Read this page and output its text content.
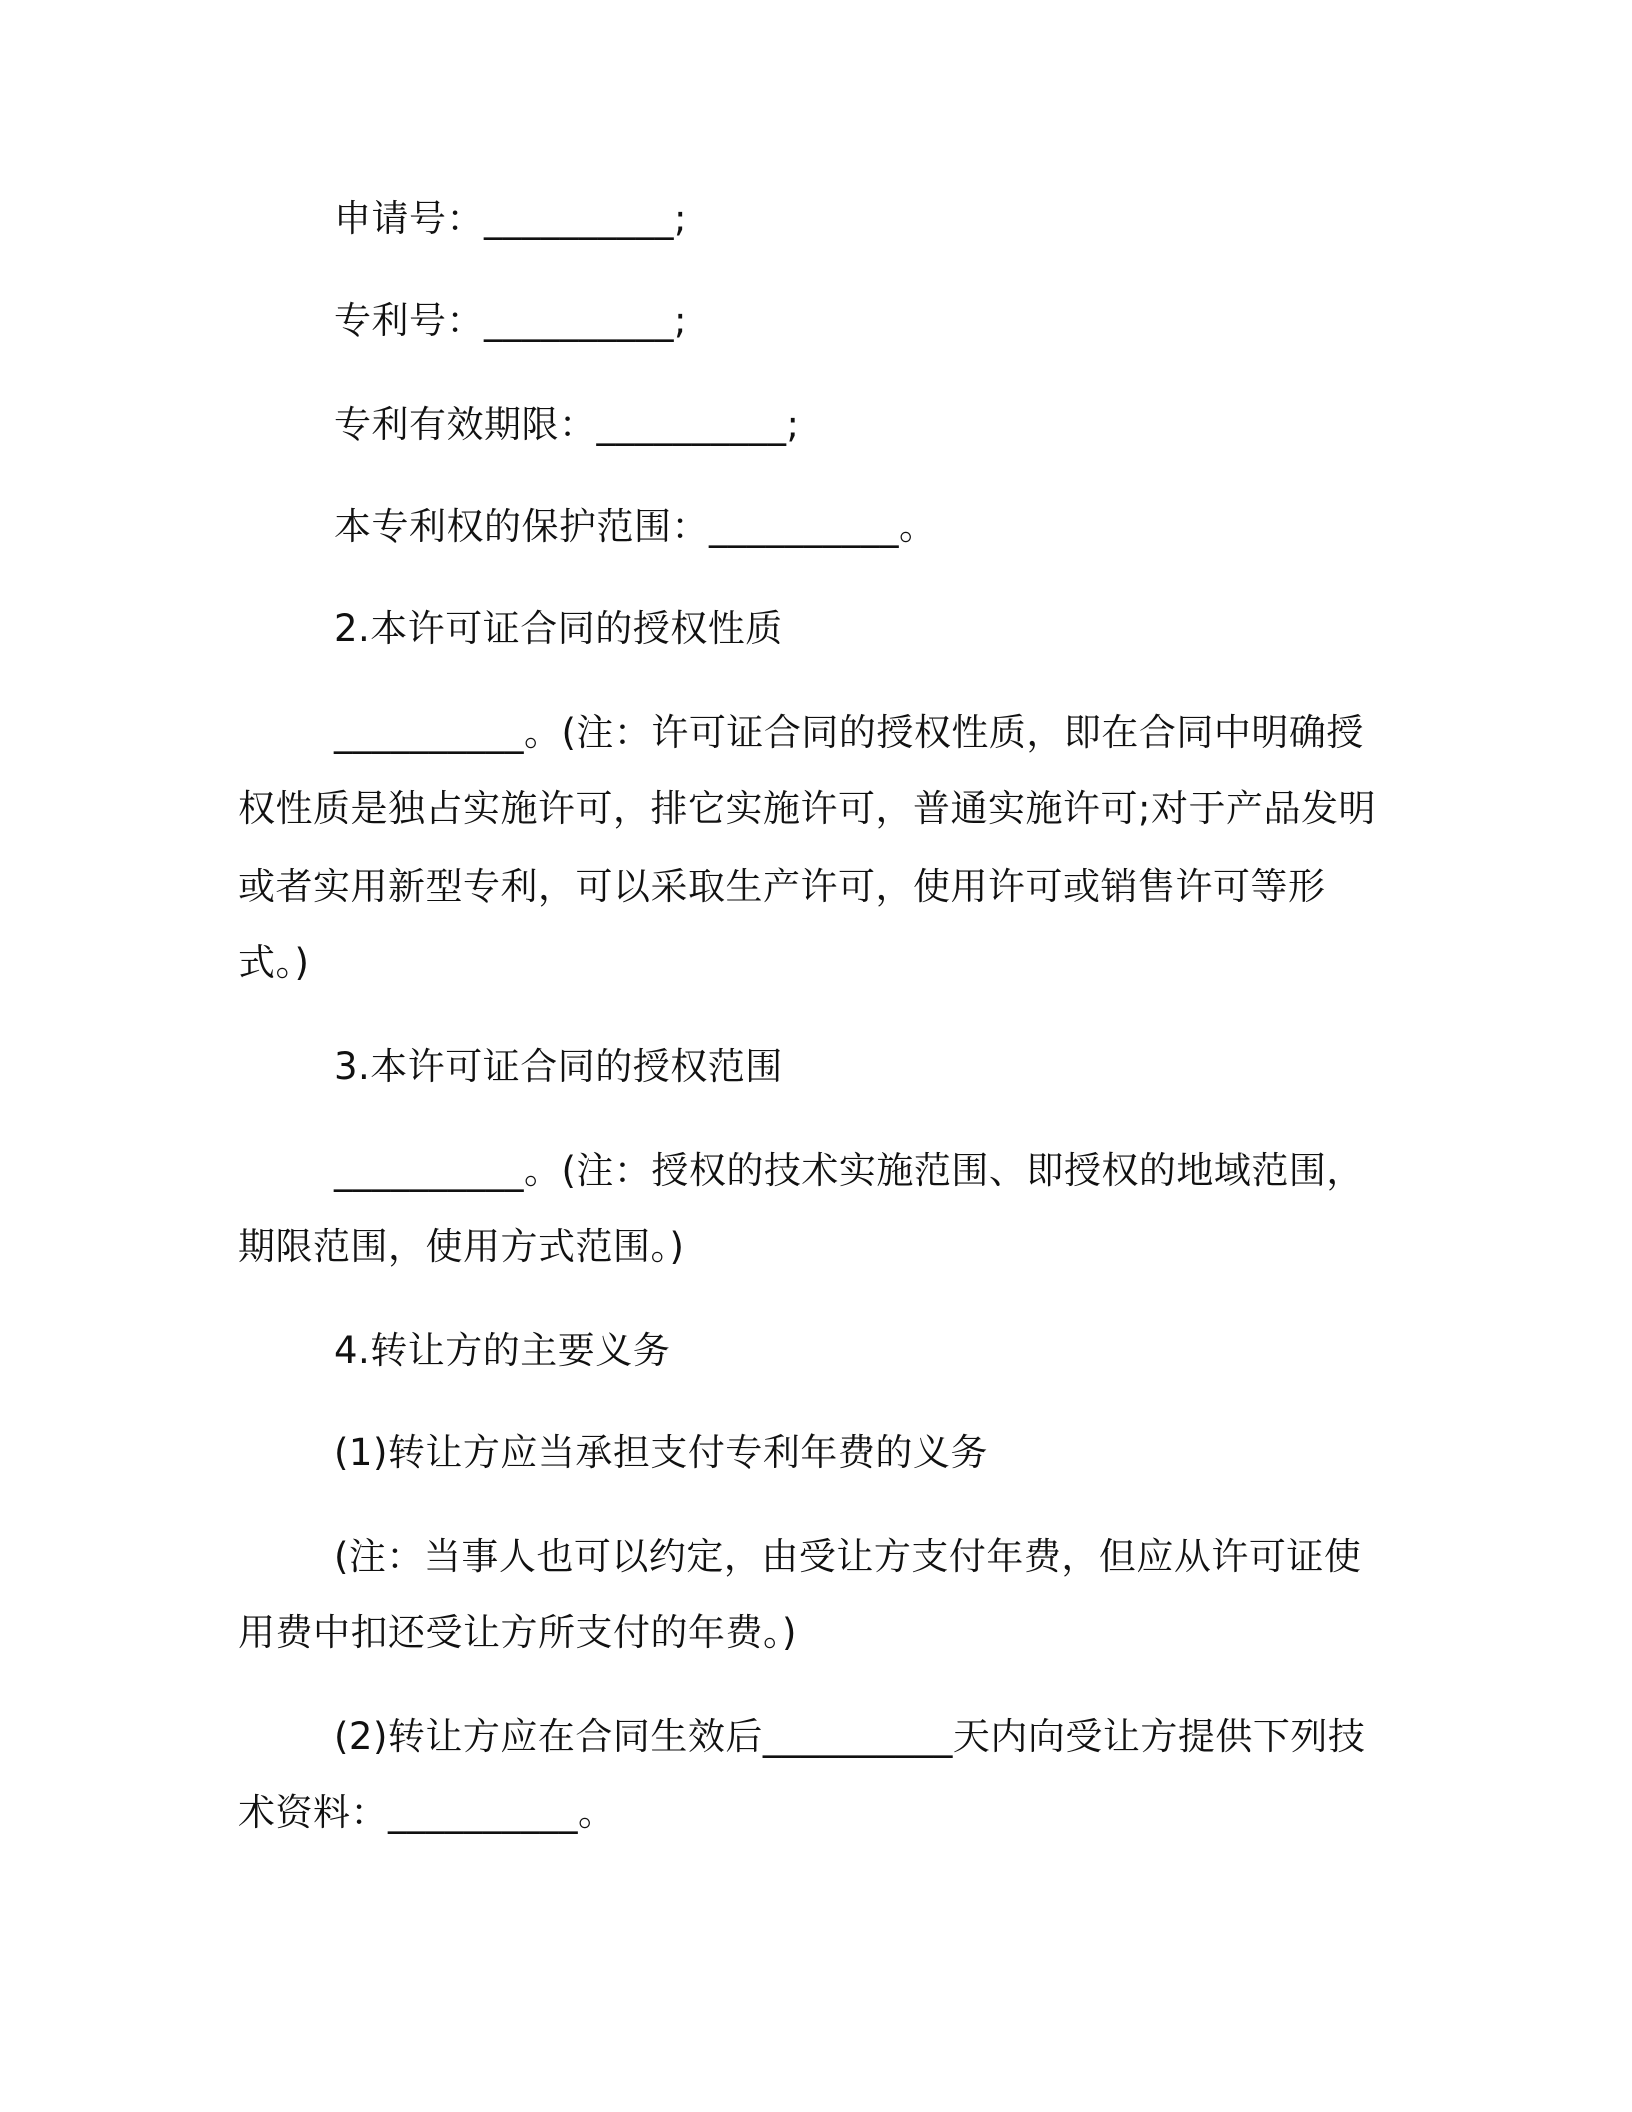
申请号：__________;
专利号：__________;
专利有效期限：__________;
本专利权的保护范围：__________。
2.本许可证合同的授权性质
__________。(注：许可证合同的授权性质，即在合同中明确授
权性质是独占实施许可，排它实施许可，普通实施许可;对于产品发明
或者实用新型专利，可以采取生产许可，使用许可或销售许可等形
式。)
3.本许可证合同的授权范围
__________。(注：授权的技术实施范围、即授权的地域范围，
期限范围，使用方式范围。)
4.转让方的主要义务
(1)转让方应当承担支付专利年费的义务
(注：当事人也可以约定，由受让方支付年费，但应从许可证使
用费中扣还受让方所支付的年费。)
(2)转让方应在合同生效后__________天内向受让方提供下列技
术资料：__________。
